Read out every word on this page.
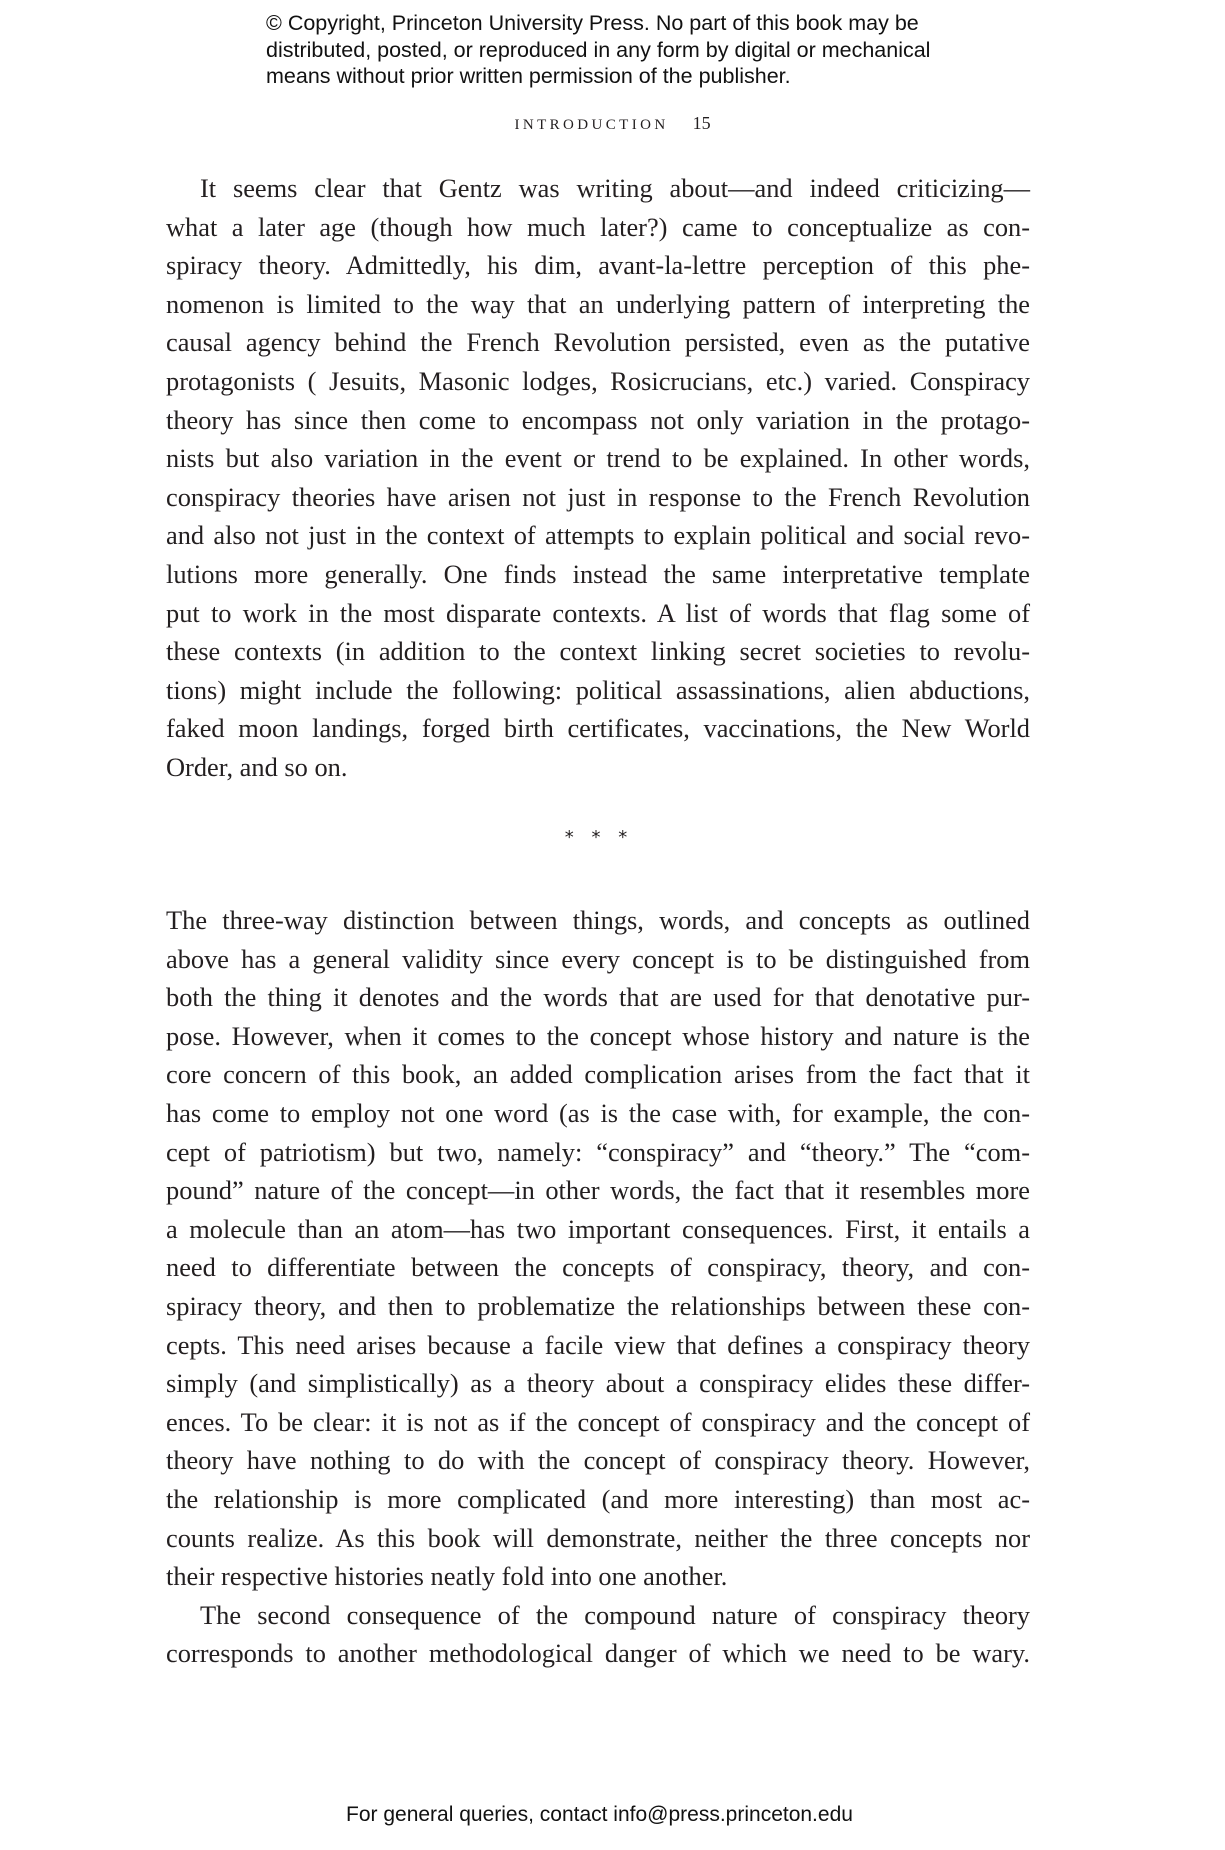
© Copyright, Princeton University Press. No part of this book may be
distributed, posted, or reproduced in any form by digital or mechanical
means without prior written permission of the publisher.
INTRODUCTION 15
It seems clear that Gentz was writing about—and indeed criticizing—
what a later age (though how much later?) came to conceptualize as con-
spiracy theory. Admittedly, his dim, avant-la-lettre perception of this phe-
nomenon is limited to the way that an underlying pattern of interpreting the
causal agency behind the French Revolution persisted, even as the putative
protagonists ( Jesuits, Masonic lodges, Rosicrucians, etc.) varied. Conspiracy
theory has since then come to encompass not only variation in the protago-
nists but also variation in the event or trend to be explained. In other words,
conspiracy theories have arisen not just in response to the French Revolution
and also not just in the context of attempts to explain political and social revo-
lutions more generally. One finds instead the same interpretative template
put to work in the most disparate contexts. A list of words that flag some of
these contexts (in addition to the context linking secret societies to revolu-
tions) might include the following: political assassinations, alien abductions,
faked moon landings, forged birth certificates, vaccinations, the New World
Order, and so on.
* * *
The three-way distinction between things, words, and concepts as outlined
above has a general validity since every concept is to be distinguished from
both the thing it denotes and the words that are used for that denotative pur-
pose. However, when it comes to the concept whose history and nature is the
core concern of this book, an added complication arises from the fact that it
has come to employ not one word (as is the case with, for example, the con-
cept of patriotism) but two, namely: “conspiracy” and “theory.” The “com-
pound” nature of the concept—in other words, the fact that it resembles more
a molecule than an atom—has two important consequences. First, it entails a
need to differentiate between the concepts of conspiracy, theory, and con-
spiracy theory, and then to problematize the relationships between these con-
cepts. This need arises because a facile view that defines a conspiracy theory
simply (and simplistically) as a theory about a conspiracy elides these differ-
ences. To be clear: it is not as if the concept of conspiracy and the concept of
theory have nothing to do with the concept of conspiracy theory. However,
the relationship is more complicated (and more interesting) than most ac-
counts realize. As this book will demonstrate, neither the three concepts nor
their respective histories neatly fold into one another.
The second consequence of the compound nature of conspiracy theory
corresponds to another methodological danger of which we need to be wary.
For general queries, contact info@press.princeton.edu
